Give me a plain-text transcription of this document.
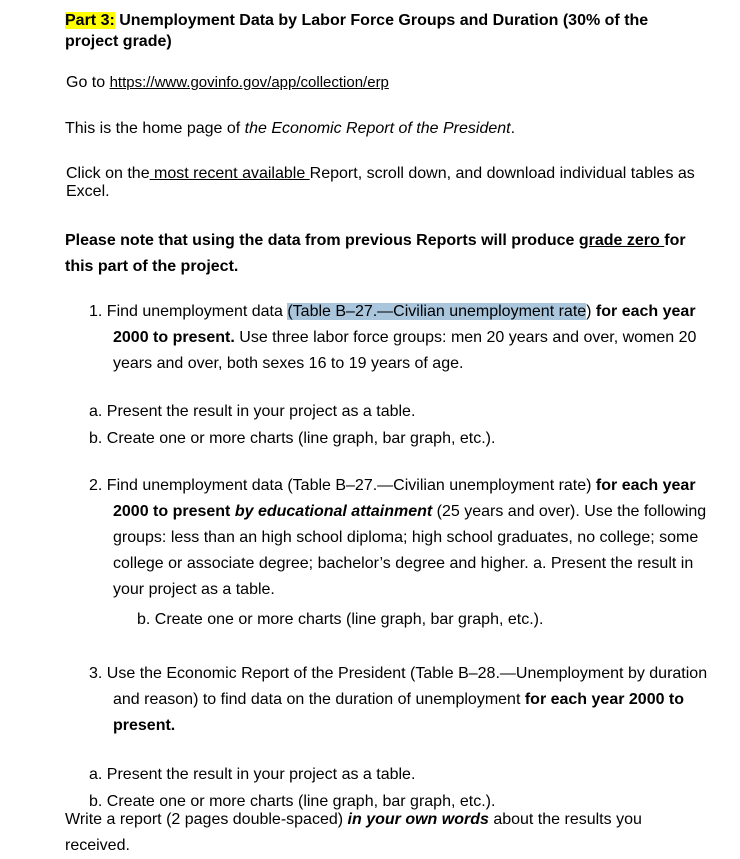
Part 3: Unemployment Data by Labor Force Groups and Duration (30% of the project grade)

Go to https://www.govinfo.gov/app/collection/erp

This is the home page of the Economic Report of the President.

Click on the most recent available Report, scroll down, and download individual tables as Excel.

Please note that using the data from previous Reports will produce grade zero for this part of the project.

1. Find unemployment data (Table B–27.—Civilian unemployment rate) for each year 2000 to present. Use three labor force groups: men 20 years and over, women 20 years and over, both sexes 16 to 19 years of age.

a. Present the result in your project as a table.

b. Create one or more charts (line graph, bar graph, etc.).

2. Find unemployment data (Table B–27.—Civilian unemployment rate) for each year 2000 to present by educational attainment (25 years and over). Use the following groups: less than an high school diploma; high school graduates, no college; some college or associate degree; bachelor’s degree and higher. a. Present the result in your project as a table.

b. Create one or more charts (line graph, bar graph, etc.).

3. Use the Economic Report of the President (Table B–28.—Unemployment by duration and reason) to find data on the duration of unemployment for each year 2000 to present.

a. Present the result in your project as a table.

b. Create one or more charts (line graph, bar graph, etc.).

Write a report (2 pages double-spaced) in your own words about the results you received.
